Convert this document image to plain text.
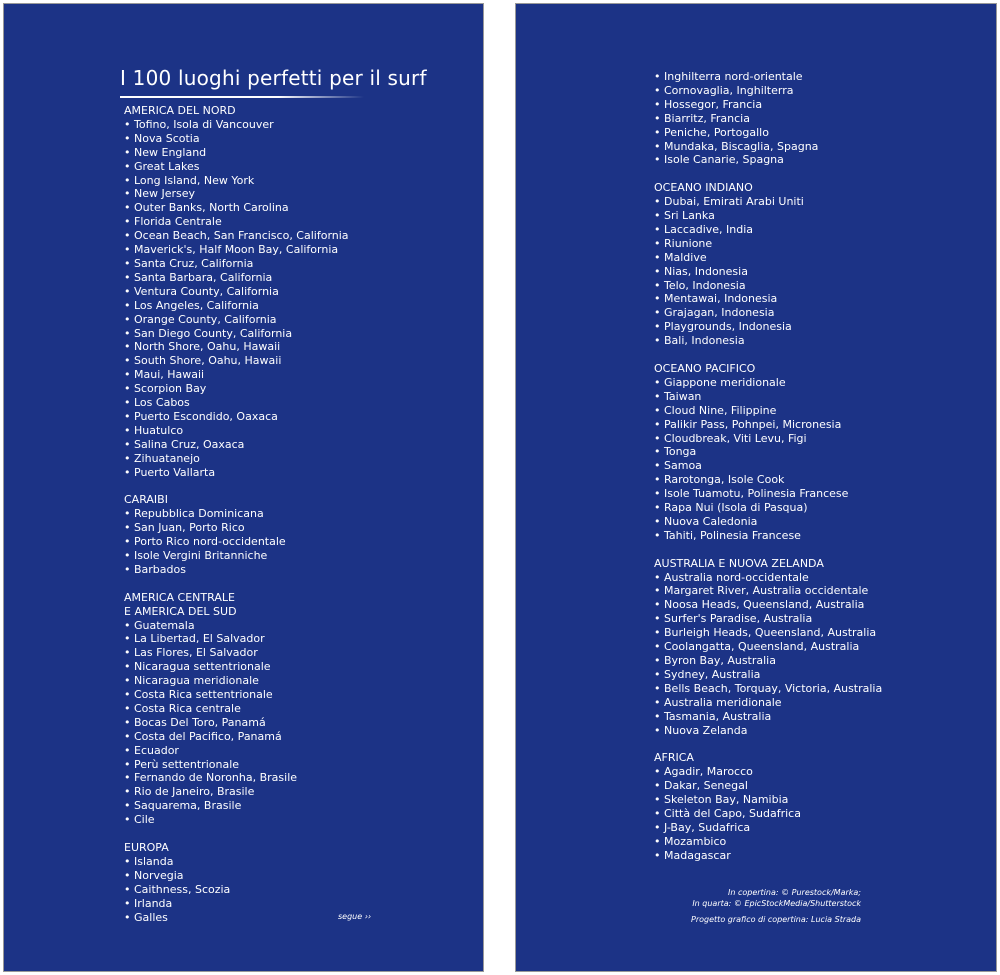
I 100 luoghi perfetti per il surf
AMERICA DEL NORD
• Tofino, Isola di Vancouver
• Nova Scotia
• New England
• Great Lakes
• Long Island, New York
• New Jersey
• Outer Banks, North Carolina
• Florida Centrale
• Ocean Beach, San Francisco, California
• Maverick's, Half Moon Bay, California
• Santa Cruz, California
• Santa Barbara, California
• Ventura County, California
• Los Angeles, California
• Orange County, California
• San Diego County, California
• North Shore, Oahu, Hawaii
• South Shore, Oahu, Hawaii
• Maui, Hawaii
• Scorpion Bay
• Los Cabos
• Puerto Escondido, Oaxaca
• Huatulco
• Salina Cruz, Oaxaca
• Zihuatanejo
• Puerto Vallarta
CARAIBI
• Repubblica Dominicana
• San Juan, Porto Rico
• Porto Rico nord-occidentale
• Isole Vergini Britanniche
• Barbados
AMERICA CENTRALE
E AMERICA DEL SUD
• Guatemala
• La Libertad, El Salvador
• Las Flores, El Salvador
• Nicaragua settentrionale
• Nicaragua meridionale
• Costa Rica settentrionale
• Costa Rica centrale
• Bocas Del Toro, Panamá
• Costa del Pacifico, Panamá
• Ecuador
• Perù settentrionale
• Fernando de Noronha, Brasile
• Rio de Janeiro, Brasile
• Saquarema, Brasile
• Cile
EUROPA
• Islanda
• Norvegia
• Caithness, Scozia
• Irlanda
• Galles
• Inghilterra nord-orientale
• Cornovaglia, Inghilterra
• Hossegor, Francia
• Biarritz, Francia
• Peniche, Portogallo
• Mundaka, Biscaglia, Spagna
• Isole Canarie, Spagna
OCEANO INDIANO
• Dubai, Emirati Arabi Uniti
• Sri Lanka
• Laccadive, India
• Riunione
• Maldive
• Nias, Indonesia
• Telo, Indonesia
• Mentawai, Indonesia
• Grajagan, Indonesia
• Playgrounds, Indonesia
• Bali, Indonesia
OCEANO PACIFICO
• Giappone meridionale
• Taiwan
• Cloud Nine, Filippine
• Palikir Pass, Pohnpei, Micronesia
• Cloudbreak, Viti Levu, Figi
• Tonga
• Samoa
• Rarotonga, Isole Cook
• Isole Tuamotu, Polinesia Francese
• Rapa Nui (Isola di Pasqua)
• Nuova Caledonia
• Tahiti, Polinesia Francese
AUSTRALIA E NUOVA ZELANDA
• Australia nord-occidentale
• Margaret River, Australia occidentale
• Noosa Heads, Queensland, Australia
• Surfer's Paradise, Australia
• Burleigh Heads, Queensland, Australia
• Coolangatta, Queensland, Australia
• Byron Bay, Australia
• Sydney, Australia
• Bells Beach, Torquay, Victoria, Australia
• Australia meridionale
• Tasmania, Australia
• Nuova Zelanda
AFRICA
• Agadir, Marocco
• Dakar, Senegal
• Skeleton Bay, Namibia
• Città del Capo, Sudafrica
• J-Bay, Sudafrica
• Mozambico
• Madagascar
segue ››
In copertina: © Purestock/Marka;
In quarta: © EpicStockMedia/Shutterstock
Progetto grafico di copertina: Lucia Strada
